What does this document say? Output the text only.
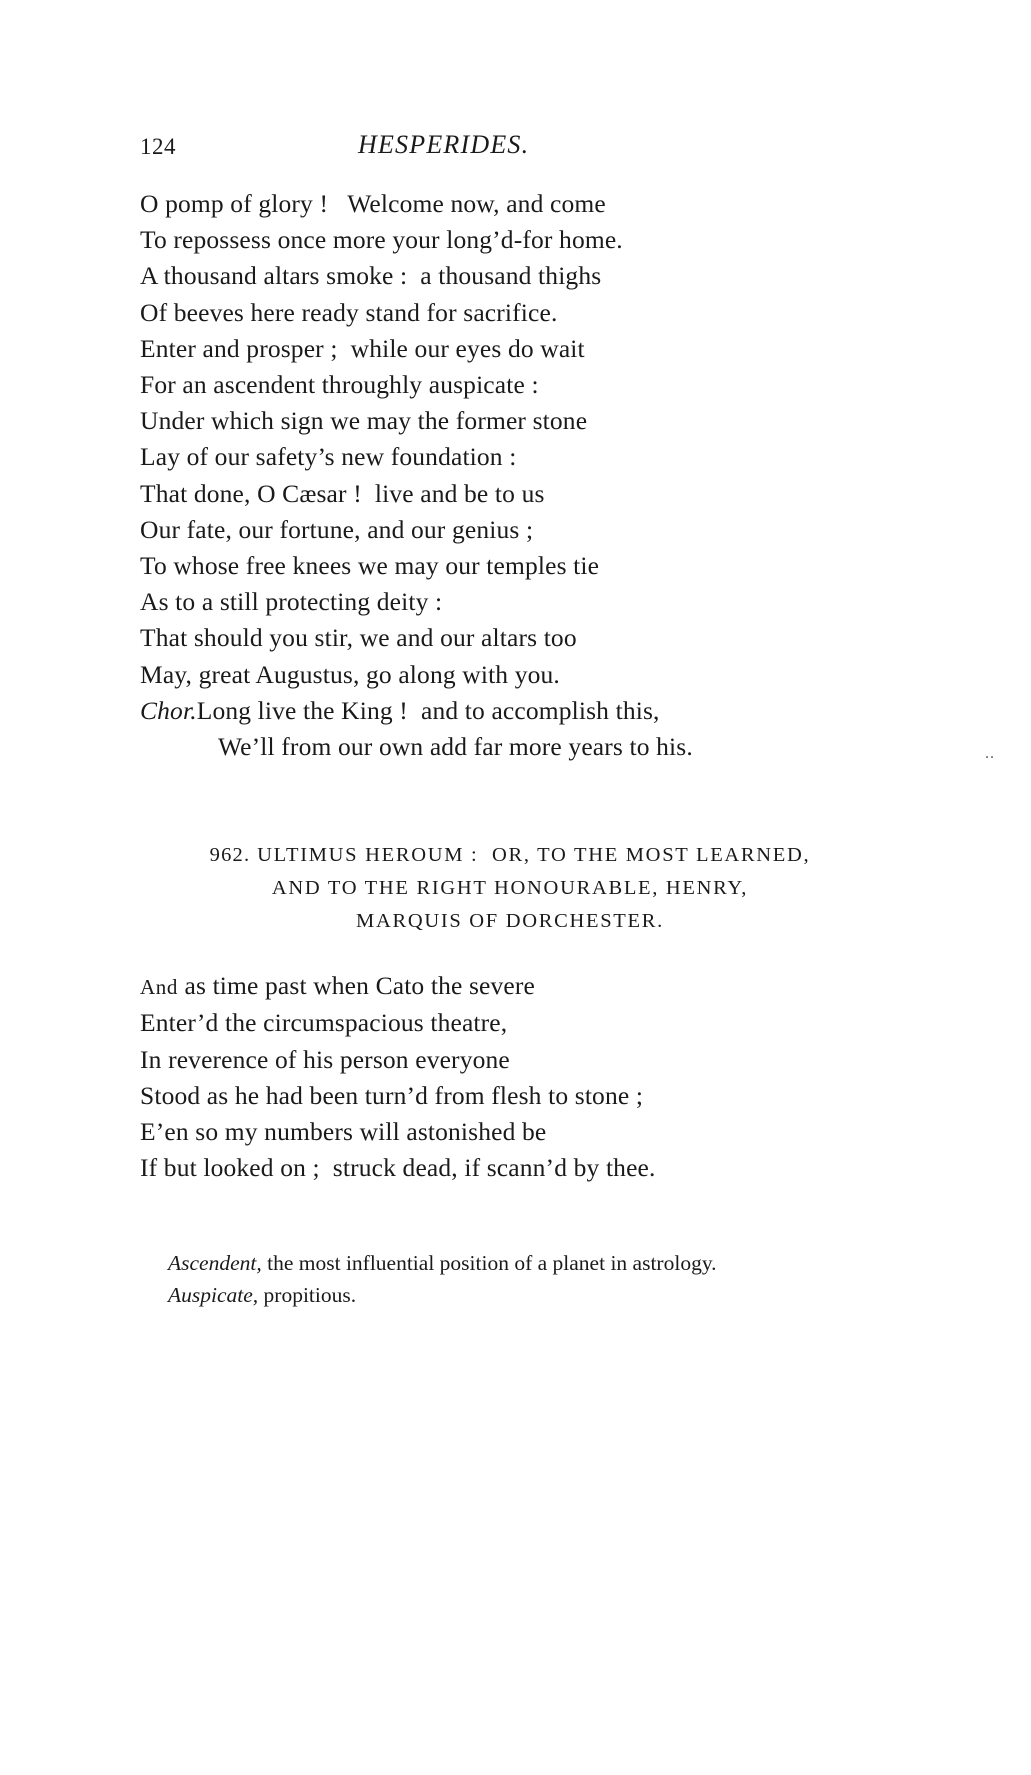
124	HESPERIDES.
O pomp of glory !   Welcome now, and come
To repossess once more your long’d-for home.
A thousand altars smoke :  a thousand thighs
Of beeves here ready stand for sacrifice.
Enter and prosper ;  while our eyes do wait
For an ascendent throughly auspicate :
Under which sign we may the former stone
Lay of our safety’s new foundation :
That done, O Cæsar !  live and be to us
Our fate, our fortune, and our genius ;
To whose free knees we may our temples tie
As to a still protecting deity :
That should you stir, we and our altars too
May, great Augustus, go along with you.
Chor.Long live the King !  and to accomplish this,
We’ll from our own add far more years to his.
962. ULTIMUS HEROUM :  OR, TO THE MOST LEARNED,
AND TO THE RIGHT HONOURABLE, HENRY,
MARQUIS OF DORCHESTER.
And as time past when Cato the severe
Enter’d the circumspacious theatre,
In reverence of his person everyone
Stood as he had been turn’d from flesh to stone ;
E’en so my numbers will astonished be
If but looked on ;  struck dead, if scann’d by thee.

Ascendent, the most influential position of a planet in astrology.

Auspicate, propitious.

..
